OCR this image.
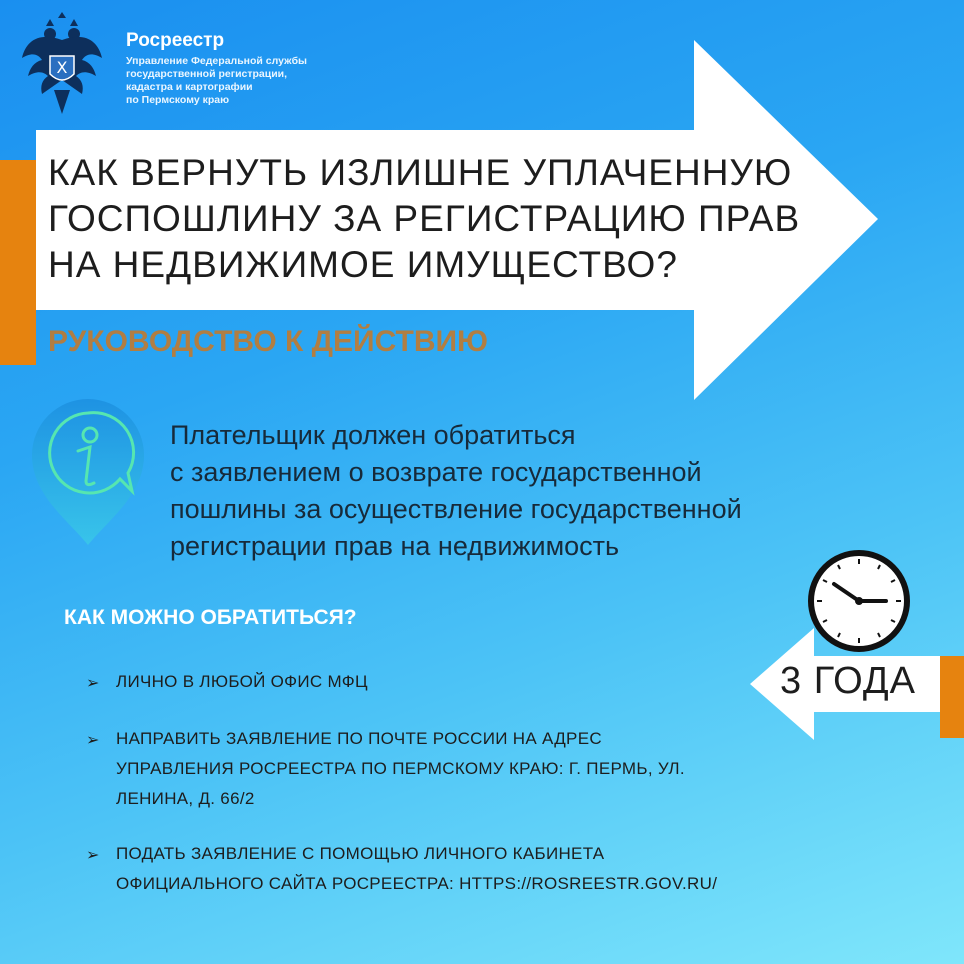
X
Росреестр
Управление Федеральной службы
государственной регистрации,
кадастра и картографии
по Пермскому краю
КАК ВЕРНУТЬ ИЗЛИШНЕ УПЛАЧЕННУЮ
ГОСПОШЛИНУ ЗА РЕГИСТРАЦИЮ ПРАВ
НА НЕДВИЖИМОЕ ИМУЩЕСТВО?
РУКОВОДСТВО К ДЕЙСТВИЮ
Плательщик должен обратиться
с заявлением о возврате государственной
пошлины за осуществление государственной
регистрации прав на недвижимость
3 ГОДА
КАК МОЖНО ОБРАТИТЬСЯ?
➢ ЛИЧНО В ЛЮБОЙ ОФИС МФЦ
➢ НАПРАВИТЬ ЗАЯВЛЕНИЕ ПО ПОЧТЕ РОССИИ НА АДРЕС
УПРАВЛЕНИЯ РОСРЕЕСТРА ПО ПЕРМСКОМУ КРАЮ: Г. ПЕРМЬ, УЛ.
ЛЕНИНА, Д. 66/2
➢ ПОДАТЬ ЗАЯВЛЕНИЕ С ПОМОЩЬЮ ЛИЧНОГО КАБИНЕТА
ОФИЦИАЛЬНОГО САЙТА РОСРЕЕСТРА: HTTPS://ROSREESTR.GOV.RU/
